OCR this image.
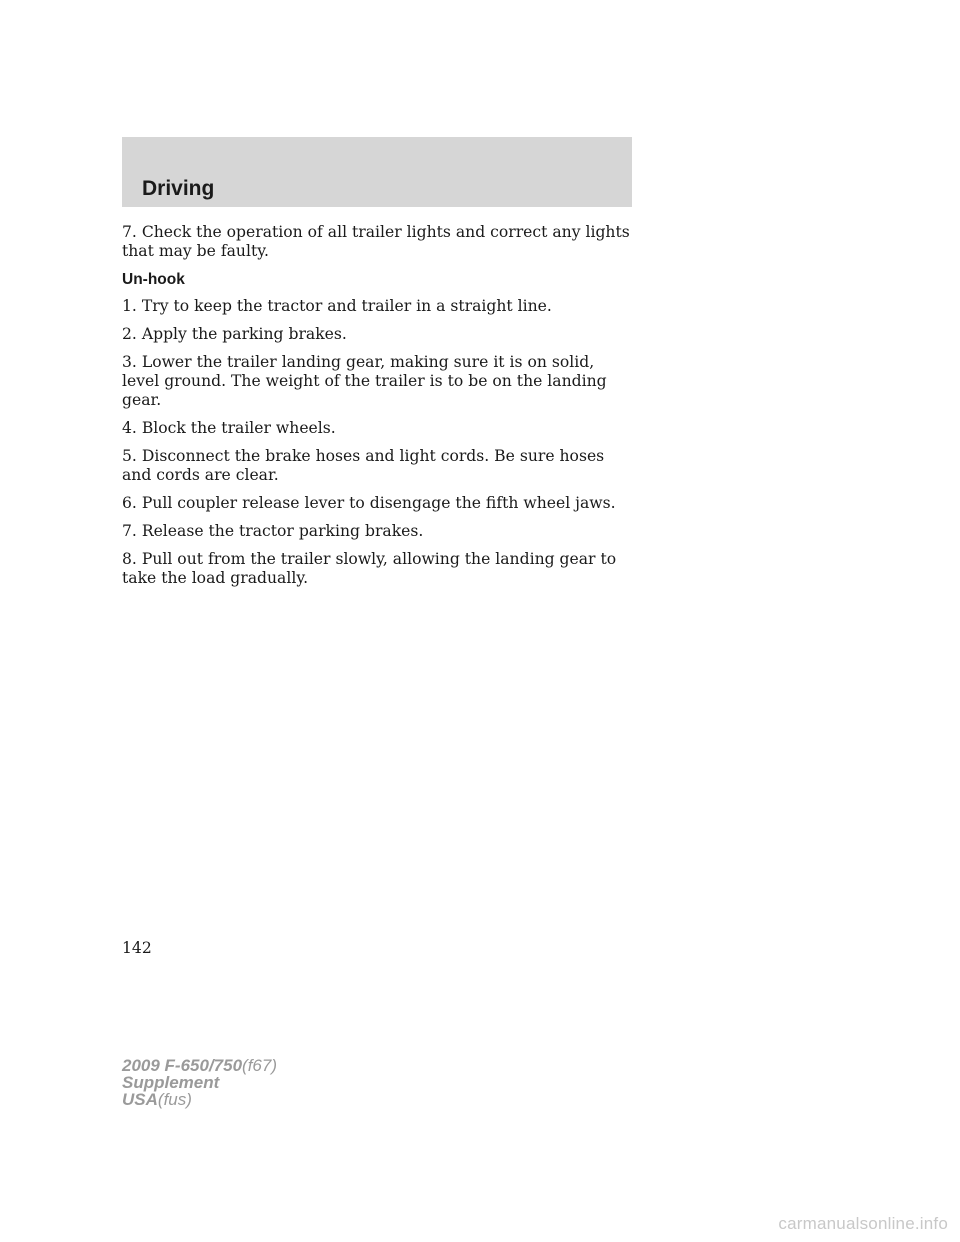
Driving

7. Check the operation of all trailer lights and correct any lights that may be faulty.

Un-hook

1. Try to keep the tractor and trailer in a straight line.

2. Apply the parking brakes.

3. Lower the trailer landing gear, making sure it is on solid, level ground. The weight of the trailer is to be on the landing gear.

4. Block the trailer wheels.

5. Disconnect the brake hoses and light cords. Be sure hoses and cords are clear.

6. Pull coupler release lever to disengage the fifth wheel jaws.

7. Release the tractor parking brakes.

8. Pull out from the trailer slowly, allowing the landing gear to take the load gradually.

142
2009 F-650/750(f67)
Supplement
USA(fus)
carmanualsonline.info
